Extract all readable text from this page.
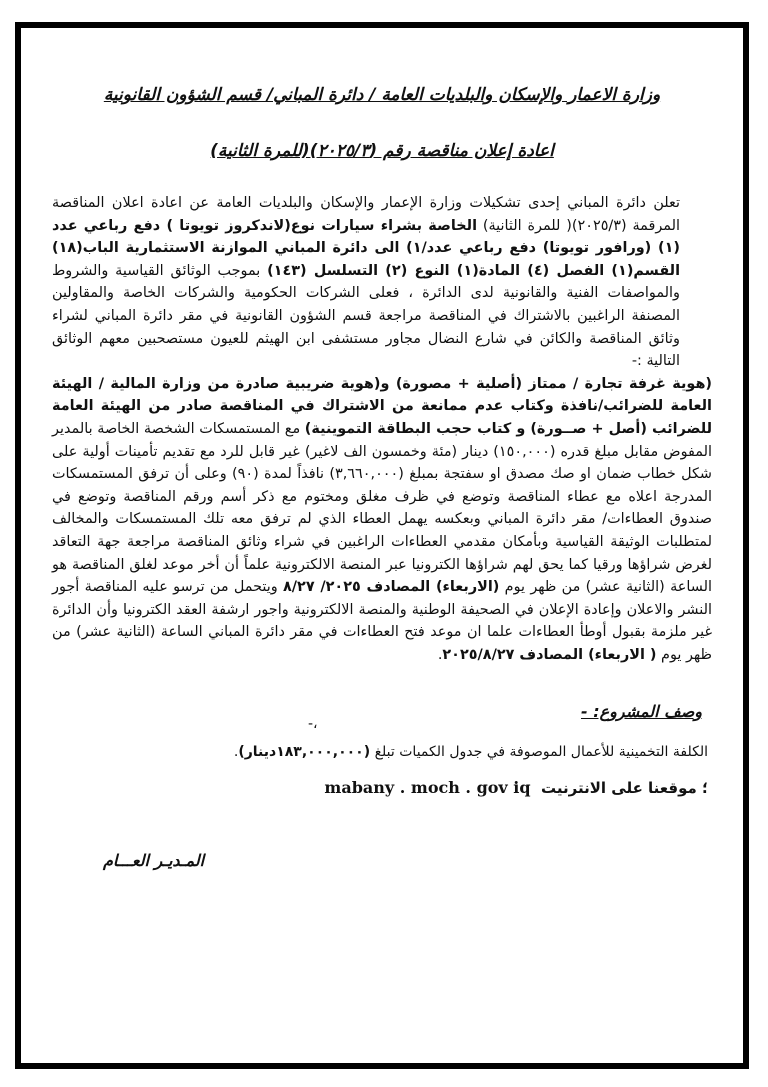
وزارة الاعمار والإسكان والبلديات العامة / دائرة المباني/ قسم الشؤون القانونية
اعادة إعلان مناقصة رقم (٢٠٢٥/٣)(للمرة الثانية)

تعلن دائرة المباني إحدى تشكيلات وزارة الإعمار والإسكان والبلديات العامة عن اعادة اعلان المناقصة المرقمة (٢٠٢٥/٣)( للمرة الثانية) الخاصة بشراء سيارات نوع(لاندكروز تويوتا ) دفع رباعي عدد (١) (ورافور تويوتا) دفع رباعي عدد/١) الى دائرة المباني الموازنة الاستثمارية الباب(١٨) القسم(١) الفصل (٤) المادة(١) النوع (٢) التسلسل (١٤٣) بموجب الوثائق القياسية والشروط والمواصفات الفنية والقانونية لدى الدائرة ، فعلى الشركات الحكومية والشركات الخاصة والمقاولين المصنفة الراغبين بالاشتراك في المناقصة مراجعة قسم الشؤون القانونية في مقر دائرة المباني لشراء وثائق المناقصة والكائن في شارع النضال مجاور مستشفى ابن الهيثم للعيون مستصحبين معهم الوثائق التالية :-

(هوية غرفة تجارة / ممتاز (أصلية + مصورة) و(هوية ضريبية صادرة من وزارة المالية / الهيئة العامة للضرائب/نافذة وكتاب عدم ممانعة من الاشتراك في المناقصة صادر من الهيئة العامة للضرائب (أصل + صــورة) و كتاب حجب البطاقة التموينية) مع المستمسكات الشخصة الخاصة بالمدير المفوض مقابل مبلغ قدره (١٥٠,٠٠٠) دينار (مئة وخمسون الف لاغير) غير قابل للرد مع تقديم تأمينات أولية على شكل خطاب ضمان او صك مصدق او سفتجة بمبلغ (٣,٦٦٠,٠٠٠) نافذاً لمدة (٩٠) وعلى أن ترفق المستمسكات المدرجة اعلاه مع عطاء المناقصة وتوضع في ظرف مغلق ومختوم مع ذكر أسم ورقم المناقصة وتوضع في صندوق العطاءات/ مقر دائرة المباني وبعكسه يهمل العطاء الذي لم ترفق معه تلك المستمسكات والمخالف لمتطلبات الوثيقة القياسية وبأمكان مقدمي العطاءات الراغبين في شراء وثائق المناقصة مراجعة جهة التعاقد لغرض شراؤها ورقيا كما يحق لهم شراؤها الكترونيا عبر المنصة الالكترونية علماً أن أخر موعد لغلق المناقصة هو الساعة (الثانية عشر) من ظهر يوم (الاربعاء) المصادف ٢٠٢٥/ ٨/٢٧ ويتحمل من ترسو عليه المناقصة أجور النشر والاعلان وإعادة الإعلان في الصحيفة الوطنية والمنصة الالكترونية واجور ارشفة العقد الكترونيا وأن الدائرة غير ملزمة بقبول أوطأ العطاءات علما ان موعد فتح العطاءات في مقر دائرة المباني الساعة (الثانية عشر) من ظهر يوم ( الاربعاء) المصادف ٢٠٢٥/٨/٢٧.

-،
وصف المشروع: -
الكلفة التخمينية للأعمال الموصوفة في جدول الكميات تبلغ (١٨٣,٠٠٠,٠٠٠دينار).
؛ موقعنا على الانترنيت  mabany . moch . gov iq
المـديـر العـــام
